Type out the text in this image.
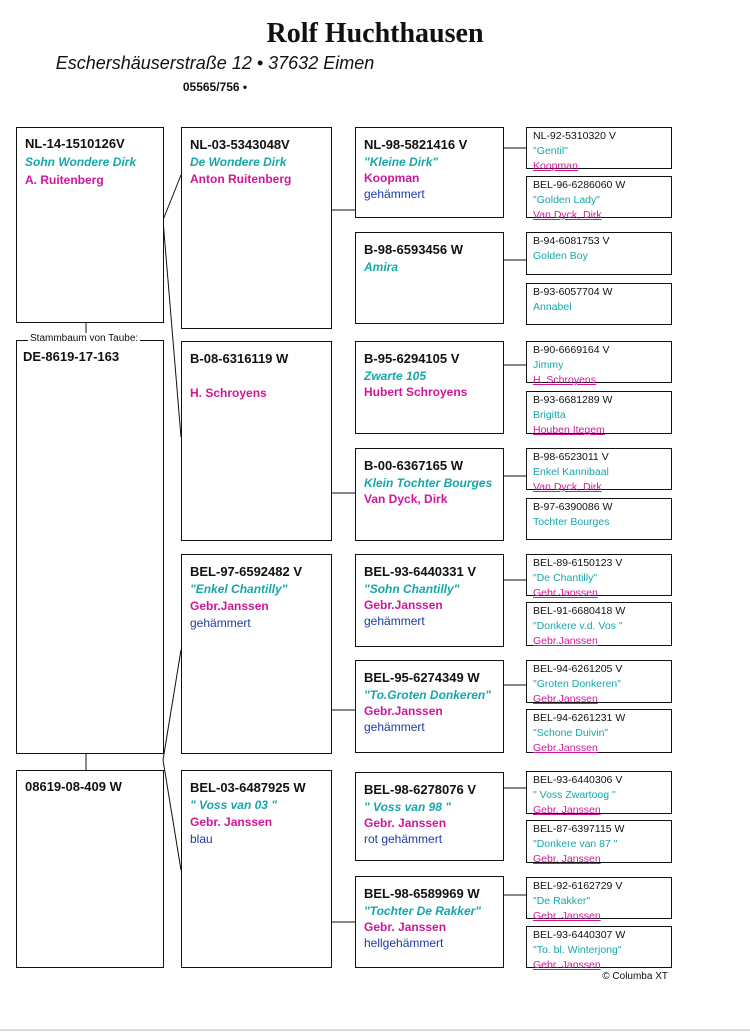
Rolf Huchthausen
Eschershäuserstraße 12 • 37632 Eimen
05565/756 •
NL-14-1510126V
Sohn Wondere Dirk
A. Ruitenberg
Stammbaum von Taube:
DE-8619-17-163
08619-08-409 W
NL-03-5343048V
De Wondere Dirk
Anton Ruitenberg
B-08-6316119 W

H. Schroyens
BEL-97-6592482 V
"Enkel Chantilly"
Gebr.Janssen
gehämmert
BEL-03-6487925 W
" Voss van 03 "
Gebr. Janssen
blau
NL-98-5821416 V
"Kleine Dirk"
Koopman
gehämmert
B-98-6593456 W
Amira
B-95-6294105 V
Zwarte 105
Hubert Schroyens
B-00-6367165 W
Klein Tochter Bourges
Van Dyck, Dirk
BEL-93-6440331 V
"Sohn Chantilly"
Gebr.Janssen
gehämmert
BEL-95-6274349 W
"To.Groten Donkeren"
Gebr.Janssen
gehämmert
BEL-98-6278076 V
" Voss van 98 "
Gebr. Janssen
rot gehämmert
BEL-98-6589969 W
"Tochter De Rakker"
Gebr. Janssen
hellgehämmert
NL-92-5310320 V
"Gentil"
Koopman
BEL-96-6286060 W
"Golden Lady"
Van Dyck, Dirk
B-94-6081753 V
Golden Boy
B-93-6057704 W
Annabel
B-90-6669164 V
Jimmy
H. Schroyens
B-93-6681289 W
Brigitta
Houben Itegem
B-98-6523011 V
Enkel Kannibaal
Van Dyck, Dirk
B-97-6390086 W
Tochter Bourges
BEL-89-6150123 V
"De Chantilly"
Gebr.Janssen
BEL-91-6680418 W
"Donkere v.d. Vos "
Gebr.Janssen
BEL-94-6261205 V
"Groten Donkeren"
Gebr.Janssen
BEL-94-6261231 W
"Schone Duivin"
Gebr.Janssen
BEL-93-6440306 V
" Voss Zwartoog "
Gebr. Janssen
BEL-87-6397115 W
"Donkere van 87 "
Gebr. Janssen
BEL-92-6162729 V
"De Rakker"
Gebr. Janssen
BEL-93-6440307 W
"To. bl. Winterjong"
Gebr. Janssen
© Columba XT
